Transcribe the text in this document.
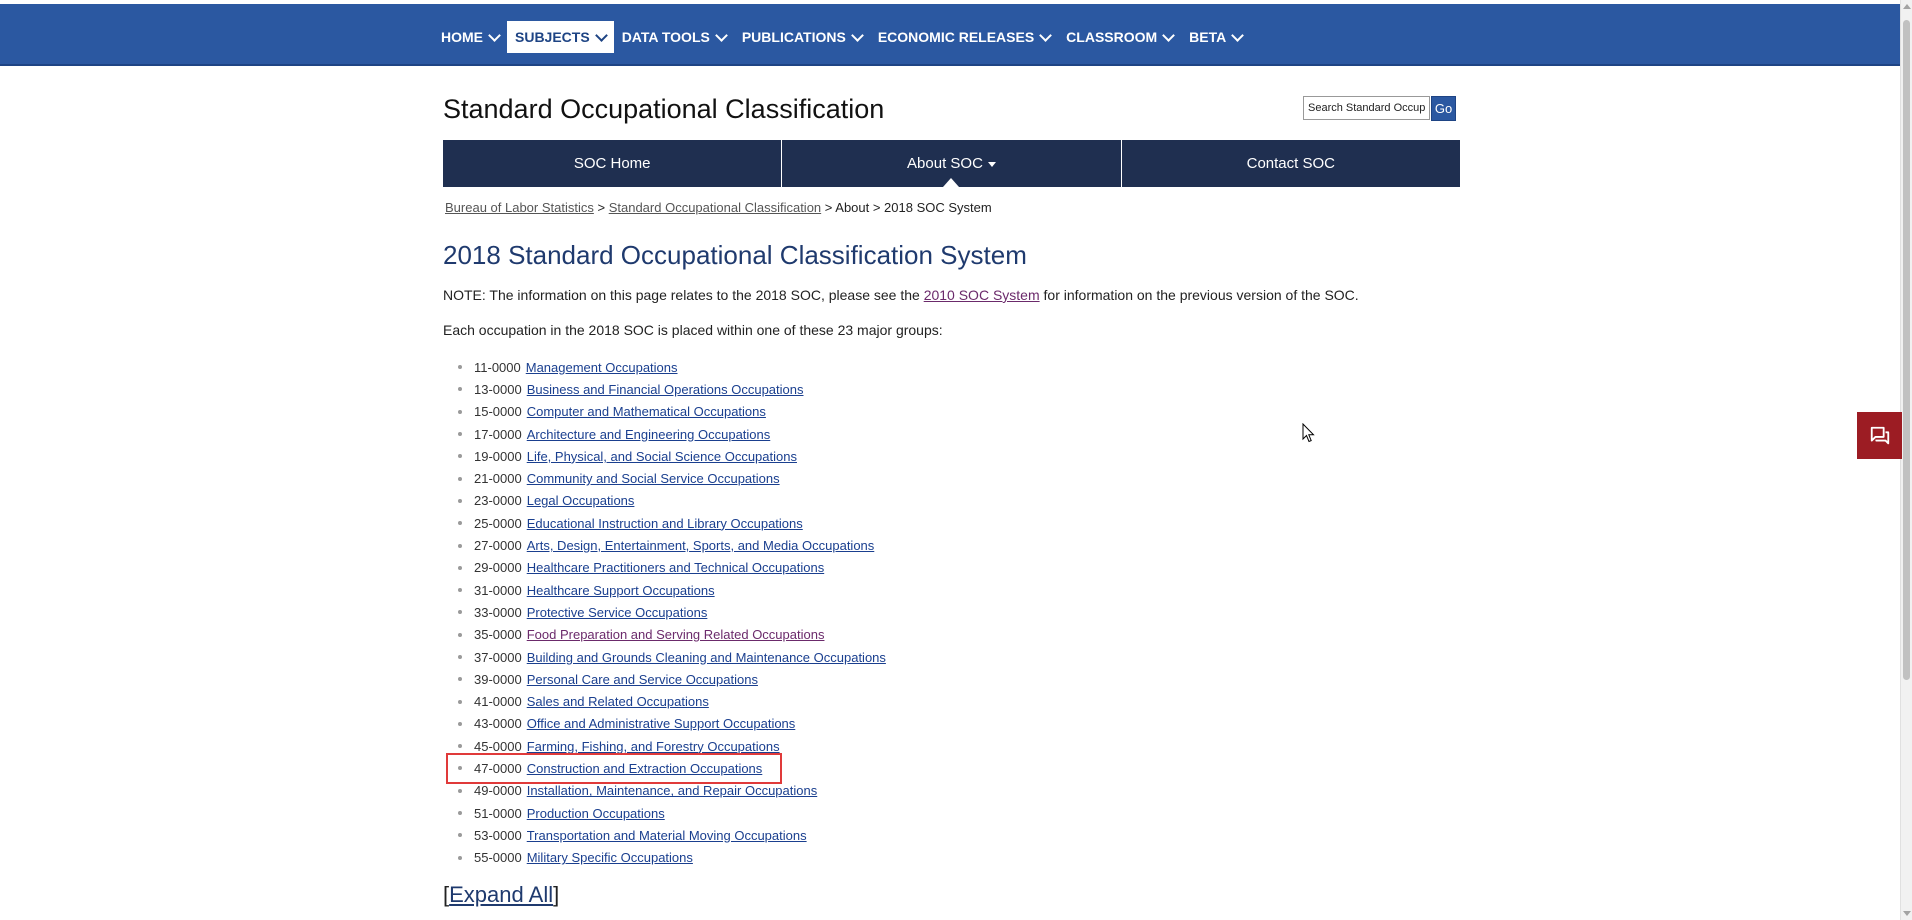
HOME SUBJECTS DATA TOOLS PUBLICATIONS ECONOMIC RELEASES CLASSROOM BETA
Standard Occupational Classification
Search Standard Occupa	Go
SOC Home	About SOC	Contact SOC
Bureau of Labor Statistics > Standard Occupational Classification > About > 2018 SOC System
2018 Standard Occupational Classification System
NOTE: The information on this page relates to the 2018 SOC, please see the 2010 SOC System for information on the previous version of the SOC.
Each occupation in the 2018 SOC is placed within one of these 23 major groups:
11-0000 Management Occupations
13-0000 Business and Financial Operations Occupations
15-0000 Computer and Mathematical Occupations
17-0000 Architecture and Engineering Occupations
19-0000 Life, Physical, and Social Science Occupations
21-0000 Community and Social Service Occupations
23-0000 Legal Occupations
25-0000 Educational Instruction and Library Occupations
27-0000 Arts, Design, Entertainment, Sports, and Media Occupations
29-0000 Healthcare Practitioners and Technical Occupations
31-0000 Healthcare Support Occupations
33-0000 Protective Service Occupations
35-0000 Food Preparation and Serving Related Occupations
37-0000 Building and Grounds Cleaning and Maintenance Occupations
39-0000 Personal Care and Service Occupations
41-0000 Sales and Related Occupations
43-0000 Office and Administrative Support Occupations
45-0000 Farming, Fishing, and Forestry Occupations
47-0000 Construction and Extraction Occupations
49-0000 Installation, Maintenance, and Repair Occupations
51-0000 Production Occupations
53-0000 Transportation and Material Moving Occupations
55-0000 Military Specific Occupations
[Expand All]
